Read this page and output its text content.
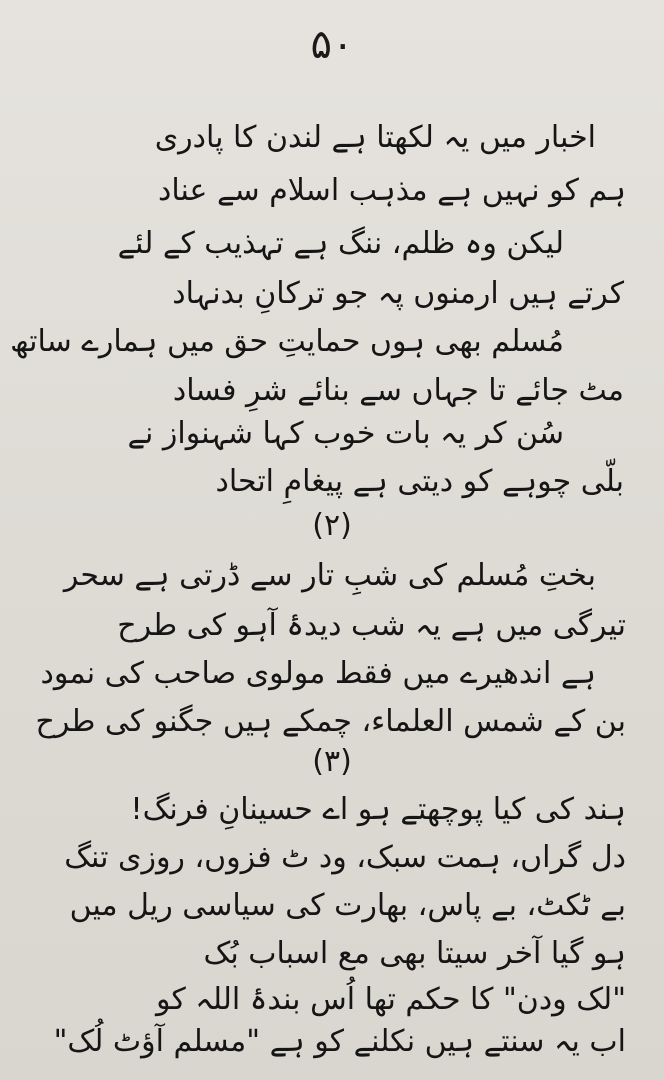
۵۰
اخبار میں یہ لکھتا ہے لندن کا پادری
ہم کو نہیں ہے مذہب اسلام سے عناد
لیکن وہ ظلم، ننگ ہے تہذیب کے لئے
کرتے ہیں ارمنوں پہ جو ترکانِ بدنہاد
مُسلم بھی ہوں حمایتِ حق میں ہمارے ساتھ
مٹ جائے تا جہاں سے بنائے شرِ فساد
سُن کر یہ بات خوب کہا شہنواز نے
بلّی چوہے کو دیتی ہے پیغامِ اتحاد
(۲)
بختِ مُسلم کی شبِ تار سے ڈرتی ہے سحر
تیرگی میں ہے یہ شب دیدۂ آہو کی طرح
ہے اندھیرے میں فقط مولوی صاحب کی نمود
بن کے شمس العلماء، چمکے ہیں جگنو کی طرح
(۳)
ہند کی کیا پوچھتے ہو اے حسینانِ فرنگ!
دل گراں، ہمت سبک، ود ٹ فزوں، روزی تنگ
بے ٹکٹ، بے پاس، بھارت کی سیاسی ریل میں
ہو گیا آخر سیتا بھی مع اسباب بُک
"لک ودن" کا حکم تھا اُس بندۂ اللہ کو
اب یہ سنتے ہیں نکلنے کو ہے "مسلم آؤٹ لُک"
